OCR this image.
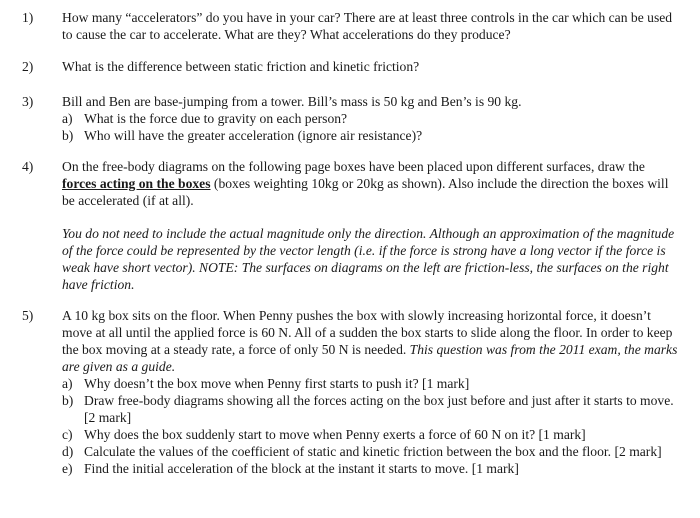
1)	How many “accelerators” do you have in your car? There are at least three controls in the car which can be used to cause the car to accelerate. What are they? What accelerations do they produce?
2)	What is the difference between static friction and kinetic friction?
3)	Bill and Ben are base-jumping from a tower. Bill’s mass is 50 kg and Ben’s is 90 kg.
a) What is the force due to gravity on each person?
b) Who will have the greater acceleration (ignore air resistance)?
4)	On the free-body diagrams on the following page boxes have been placed upon different surfaces, draw the forces acting on the boxes (boxes weighting 10kg or 20kg as shown). Also include the direction the boxes will be accelerated (if at all).
You do not need to include the actual magnitude only the direction. Although an approximation of the magnitude of the force could be represented by the vector length (i.e. if the force is strong have a long vector if the force is weak have short vector). NOTE: The surfaces on diagrams on the left are friction-less, the surfaces on the right have friction.
5)	A 10 kg box sits on the floor. When Penny pushes the box with slowly increasing horizontal force, it doesn’t move at all until the applied force is 60 N. All of a sudden the box starts to slide along the floor. In order to keep the box moving at a steady rate, a force of only 50 N is needed. This question was from the 2011 exam, the marks are given as a guide.
a) Why doesn’t the box move when Penny first starts to push it? [1 mark]
b) Draw free-body diagrams showing all the forces acting on the box just before and just after it starts to move. [2 mark]
c) Why does the box suddenly start to move when Penny exerts a force of 60 N on it? [1 mark]
d) Calculate the values of the coefficient of static and kinetic friction between the box and the floor. [2 mark]
e) Find the initial acceleration of the block at the instant it starts to move. [1 mark]
